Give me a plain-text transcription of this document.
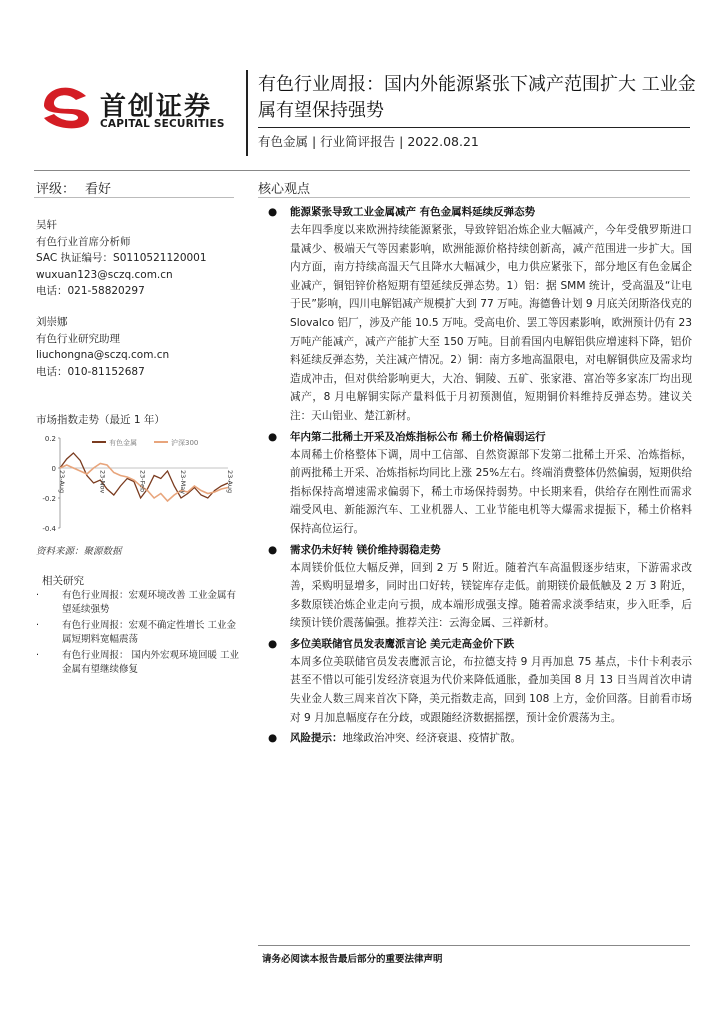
首创证券
CAPITAL SECURITIES
有色行业周报：国内外能源紧张下减产范围扩大 工业金属有望保持强势
有色金属 | 行业简评报告 | 2022.08.21
评级： 看好	核心观点
吴轩
有色行业首席分析师
SAC 执证编号：S0110521120001
wuxuan123@sczq.com.cn
电话：021-58820297
刘崇娜
有色行业研究助理
liuchongna@sczq.com.cn
电话：010-81152687
市场指数走势（最近 1 年）
0.2
0
-0.2
-0.4
23-Aug	23-Nov	23-Feb	23-May	23-Aug
有色金属	沪深300
资料来源：聚源数据
相关研究
· 有色行业周报：宏观环境改善 工业金属有望延续强势
· 有色行业周报：宏观不确定性增长 工业金属短期料宽幅震荡
· 有色行业周报： 国内外宏观环境回暖 工业金属有望继续修复
● 能源紧张导致工业金属减产 有色金属料延续反弹态势
去年四季度以来欧洲持续能源紧张，导致锌铝冶炼企业大幅减产，今年受俄罗斯进口量减少、极端天气等因素影响，欧洲能源价格持续创新高，减产范围进一步扩大。国内方面，南方持续高温天气且降水大幅减少，电力供应紧张下，部分地区有色金属企业减产，铜铝锌价格短期有望延续反弹态势。1）铝：据 SMM 统计，受高温及“让电于民”影响，四川电解铝减产规模扩大到 77 万吨。海德鲁计划 9 月底关闭斯洛伐克的 Slovalco 铝厂，涉及产能 10.5 万吨。受高电价、罢工等因素影响，欧洲预计仍有 23 万吨产能减产，减产产能扩大至 150 万吨。目前看国内电解铝供应增速料下降，铝价料延续反弹态势，关注减产情况。2）铜：南方多地高温限电，对电解铜供应及需求均造成冲击，但对供给影响更大，大冶、铜陵、五矿、张家港、富冶等多家冻厂均出现减产，8 月电解铜实际产量料低于月初预测值，短期铜价料维持反弹态势。建议关注：天山铝业、楚江新材。
● 年内第二批稀土开采及冶炼指标公布 稀土价格偏弱运行
本周稀土价格整体下调，周中工信部、自然资源部下发第二批稀土开采、冶炼指标，前两批稀土开采、冶炼指标均同比上涨 25%左右。终端消费整体仍然偏弱，短期供给指标保持高增速需求偏弱下，稀土市场保持弱势。中长期来看，供给存在刚性而需求端受风电、新能源汽车、工业机器人、工业节能电机等大爆需求提振下，稀土价格料保持高位运行。
● 需求仍未好转 镁价维持弱稳走势
本周镁价低位大幅反弹，回到 2 万 5 附近。随着汽车高温假逐步结束，下游需求改善，采购明显增多，同时出口好转，镁锭库存走低。前期镁价最低触及 2 万 3 附近，多数原镁冶炼企业走向亏损，成本端形成强支撑。随着需求淡季结束，步入旺季，后续预计镁价震荡偏强。推荐关注：云海金属、三祥新材。
● 多位美联储官员发表鹰派言论 美元走高金价下跌
本周多位美联储官员发表鹰派言论，布拉德支持 9 月再加息 75 基点，卡什卡利表示甚至不惜以可能引发经济衰退为代价来降低通胀，叠加美国 8 月 13 日当周首次申请失业金人数三周来首次下降，美元指数走高，回到 108 上方，金价回落。目前看市场对 9 月加息幅度存在分歧，或跟随经济数据摇摆，预计金价震荡为主。
● 风险提示：地缘政治冲突、经济衰退、疫情扩散。
请务必阅读本报告最后部分的重要法律声明
